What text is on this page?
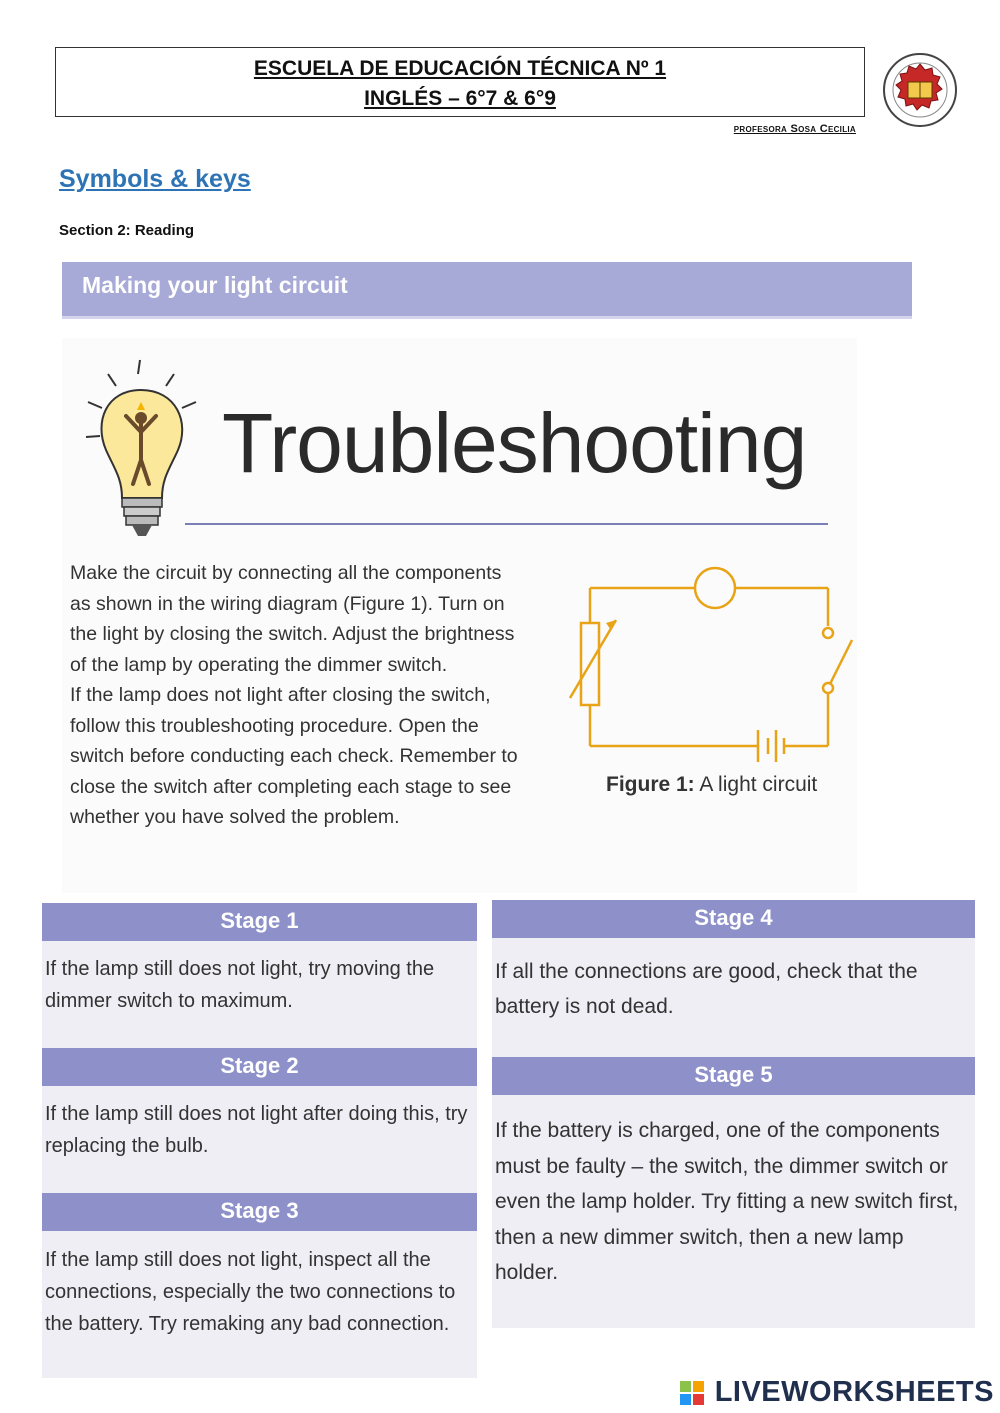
ESCUELA DE EDUCACIÓN TÉCNICA Nº 1
INGLÉS – 6°7 & 6°9
profesora Sosa Cecilia
Symbols & keys
Section 2: Reading
Making your light circuit
Troubleshooting

Make the circuit by connecting all the components as shown in the wiring diagram (Figure 1). Turn on the light by closing the switch. Adjust the brightness of the lamp by operating the dimmer switch.

If the lamp does not light after closing the switch, follow this troubleshooting procedure. Open the switch before conducting each check. Remember to close the switch after completing each stage to see whether you have solved the problem.

Figure 1: A light circuit
Stage 1
If the lamp still does not light, try moving the dimmer switch to maximum.
Stage 2
If the lamp still does not light after doing this, try replacing the bulb.
Stage 3
If the lamp still does not light, inspect all the connections, especially the two connections to the battery. Try remaking any bad connection.
Stage 4
If all the connections are good, check that the battery is not dead.
Stage 5
If the battery is charged, one of the components must be faulty – the switch, the dimmer switch or even the lamp holder. Try fitting a new switch first, then a new dimmer switch, then a new lamp holder.
LIVEWORKSHEETS
